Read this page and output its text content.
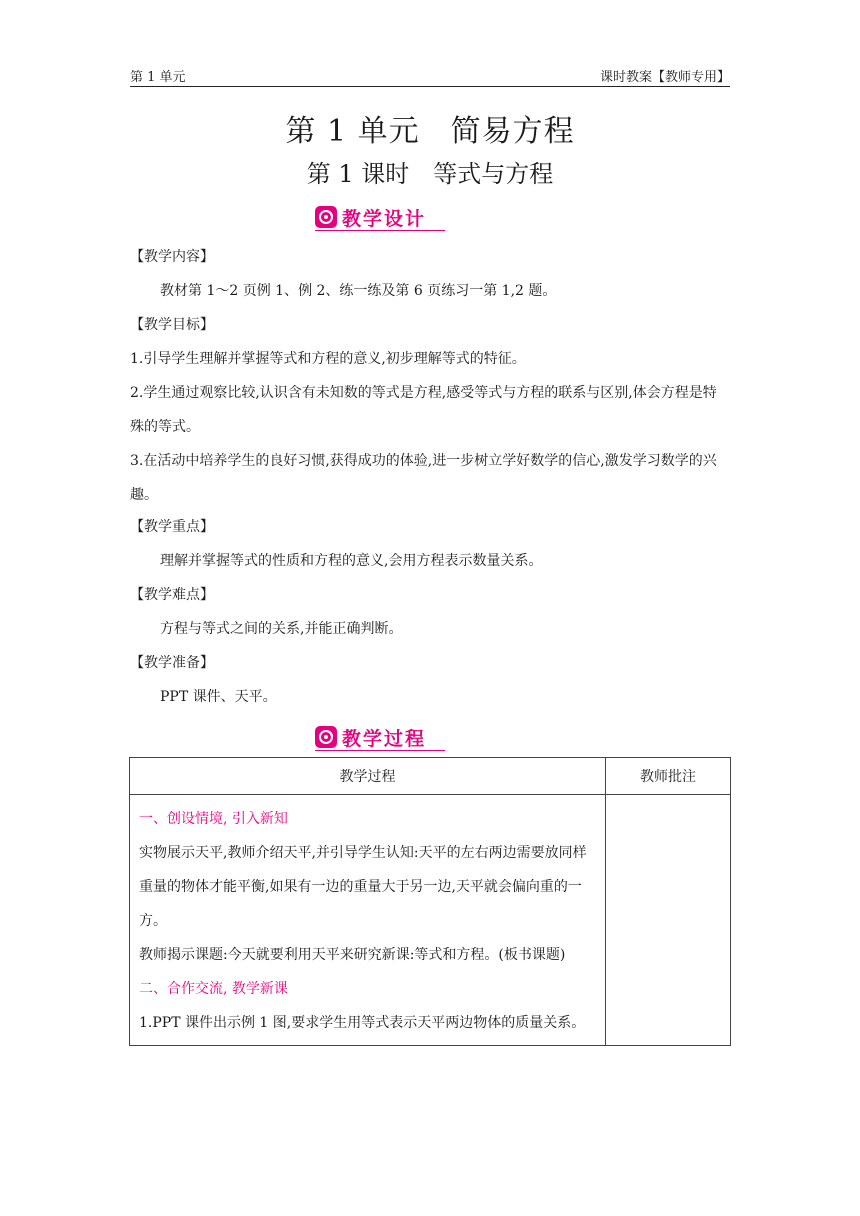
第 1 单元	课时教案【教师专用】
第 1 单元　简易方程
第 1 课时　等式与方程
教学设计
【教学内容】
教材第 1～2 页例 1、例 2、练一练及第 6 页练习一第 1,2 题。
【教学目标】
1.引导学生理解并掌握等式和方程的意义,初步理解等式的特征。
2.学生通过观察比较,认识含有未知数的等式是方程,感受等式与方程的联系与区别,体会方程是特殊的等式。
3.在活动中培养学生的良好习惯,获得成功的体验,进一步树立学好数学的信心,激发学习数学的兴趣。
【教学重点】
理解并掌握等式的性质和方程的意义,会用方程表示数量关系。
【教学难点】
方程与等式之间的关系,并能正确判断。
【教学准备】
PPT 课件、天平。
教学过程
教学过程	教师批注

一、创设情境, 引入新知
实物展示天平,教师介绍天平,并引导学生认知:天平的左右两边需要放同样重量的物体才能平衡,如果有一边的重量大于另一边,天平就会偏向重的一方。
教师揭示课题:今天就要利用天平来研究新课:等式和方程。(板书课题)
二、合作交流, 教学新课
1.PPT 课件出示例 1 图,要求学生用等式表示天平两边物体的质量关系。	
